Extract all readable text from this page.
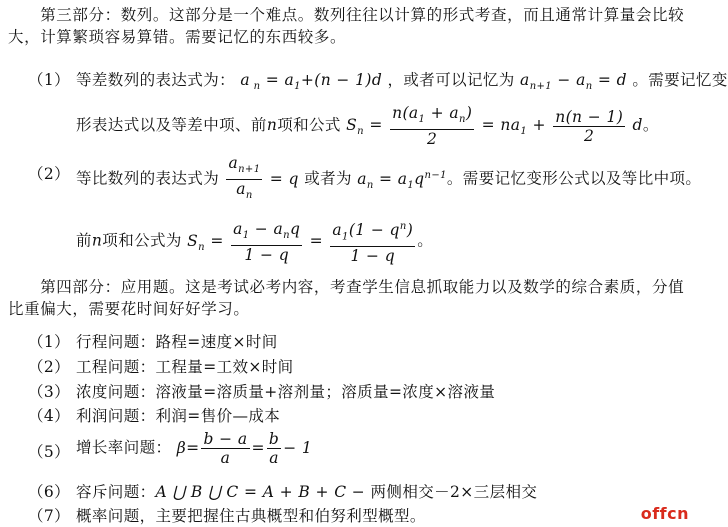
　　第三部分：数列。这部分是一个难点。数列往往以计算的形式考查，而且通常计算量会比较大，计算繁琐容易算错。需要记忆的东西较多。
（1） 等差数列的表达式为： a $_n = a_1+(n - 1)d$ ，或者可以记忆为 $a_{n+1} - a_n = d$ 。需要记忆变
形表达式以及等差中项、前n项和公式 $S_n = \frac{n(a_1 + a_n)}{2} = na_1 + \frac{n(n - 1)}{2}$ d。
（2） 等比数列的表达式为 $\frac{a_{n+1}}{a_n} = q$ 或者为 $a_n = a_1q^{n-1}$。需要记忆变形公式以及等比中项。
前n项和公式为 $S_n = \frac{a_1 - a_nq}{1 - q} = \frac{a_1(1 - q^n)}{1 - q}$ 。
　　第四部分：应用题。这是考试必考内容，考查学生信息抓取能力以及数学的综合素质，分值比重偏大，需要花时间好好学习。
（1） 行程问题：路程=速度×时间
（2） 工程问题：工程量=工效×时间
（3） 浓度问题：溶液量=溶质量+溶剂量；溶质量=浓度×溶液量
（4） 利润问题：利润=售价—成本
（5） 增长率问题： $\beta= \frac{b - a}{a} = \frac{b}{a} - 1$
（6） 容斥问题：A ⋃ B ⋃ C = A + B + C − 两侧相交－2×三层相交
（7） 概率问题，主要把握住古典概型和伯努利型概型。	offcn
